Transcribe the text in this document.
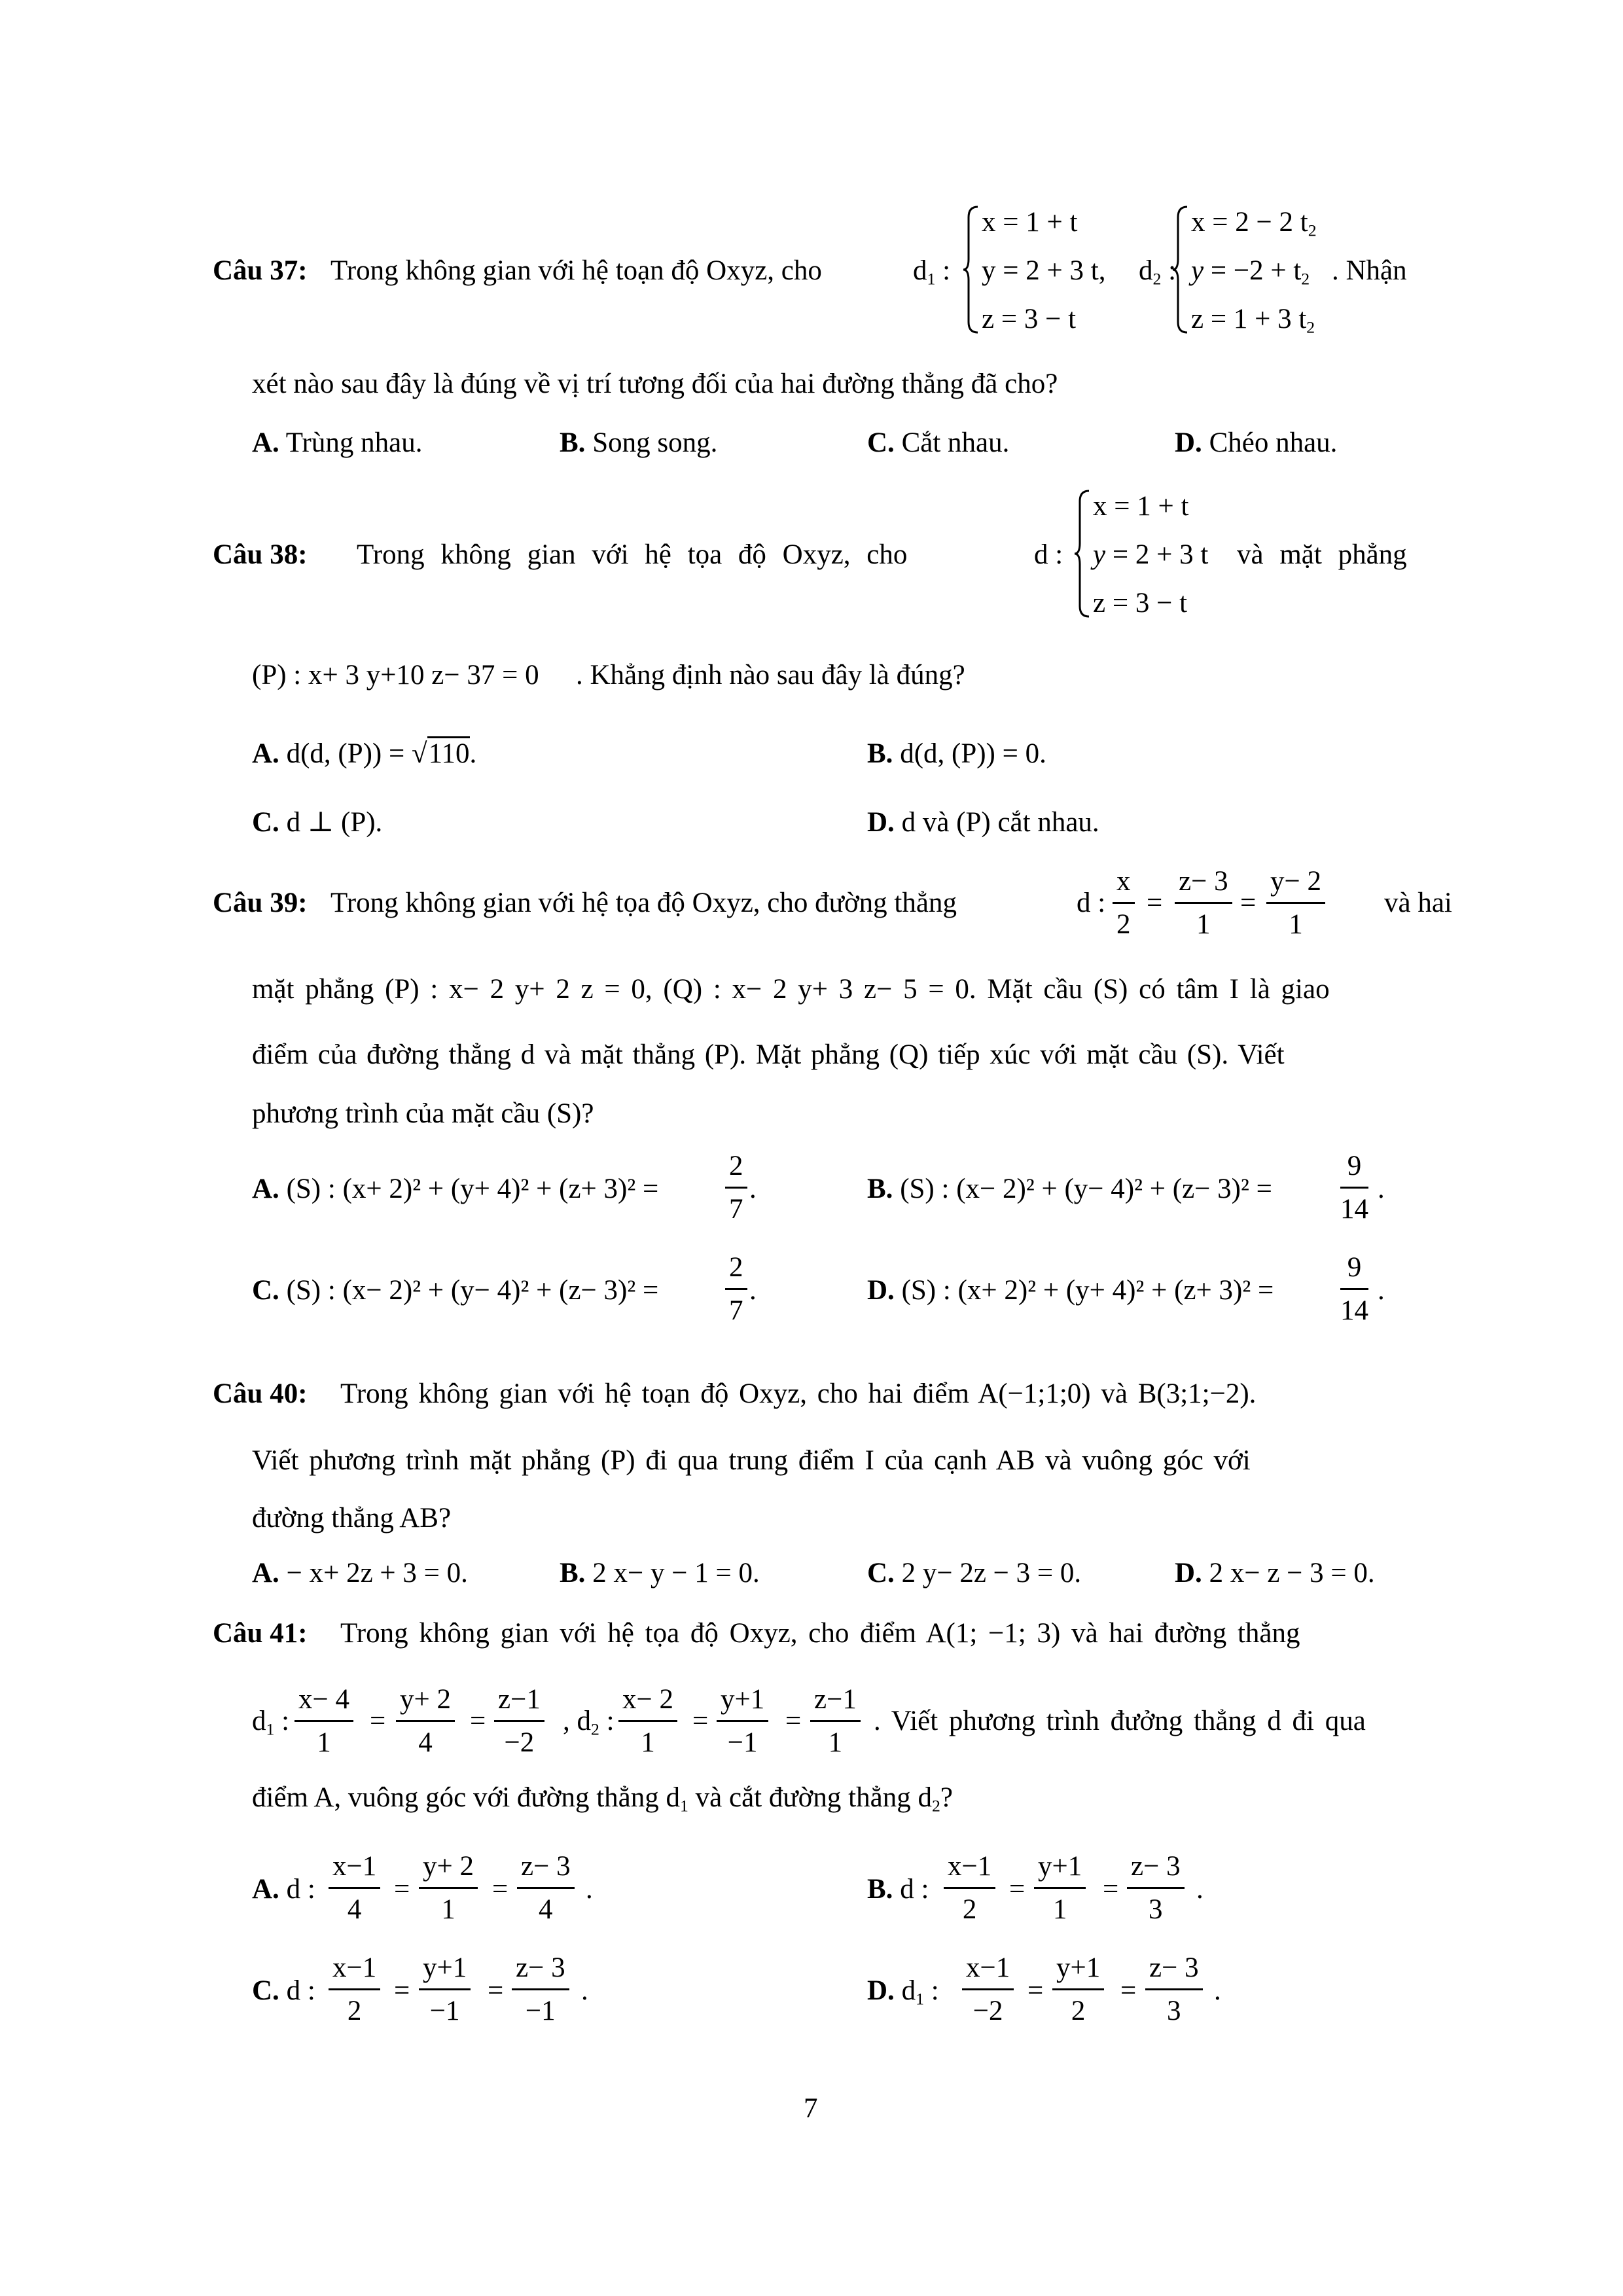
Câu 37: Trong không gian với hệ toạn độ Oxyz, cho	$d_1$ :
x = 1 + t
y = 2 + 3 t,
z = 3 − t
$d_2$ :
x = 2 − 2 $t_2$
$y = -2 + t_2$
z = 1 + 3 $t_2$
. Nhận
xét nào sau đây là đúng về vị trí tương đối của hai đường thẳng đã cho?
A. Trùng nhau.	B. Song song.	C. Cắt nhau.	D. Chéo nhau.
Câu 38: Trong không gian với hệ tọa độ Oxyz, cho	d :
x = 1 + t
y = 2 + 3 t
z = 3 − t
và mặt phẳng
(P) : x+ 3 y+10 z− 37 = 0 . Khẳng định nào sau đây là đúng?
A. d(d, (P)) = √110.	B. d(d, (P)) = 0.
C. d ⊥ (P).	D. d và (P) cắt nhau.
Câu 39: Trong không gian với hệ tọa độ Oxyz, cho đường thẳng	d : $\frac{x}{2} = \frac{z- 3}{1} = \frac{y- 2}{1}$ và hai
mặt phẳng (P) : x− 2 y+ 2 z = 0, (Q) : x− 2 y+ 3 z− 5 = 0. Mặt cầu (S) có tâm I là giao
điểm của đường thẳng d và mặt thẳng (P). Mặt phẳng (Q) tiếp xúc với mặt cầu (S). Viết
phương trình của mặt cầu (S)?
A. (S) : $(x+ 2)^2 + (y+ 4)^2 + (z+ 3)^2 = \frac{2}{7}$ .	B. (S) : $(x- 2)^2 + (y- 4)^2 + (z- 3)^2 = \frac{9}{14}$ .
C. (S) : $(x- 2)^2 + (y- 4)^2 + (z- 3)^2 = \frac{2}{7}$ .	D. (S) : $(x+ 2)^2 + (y+ 4)^2 + (z+ 3)^2 = \frac{9}{14}$ .
Câu 40: Trong không gian với hệ toạn độ Oxyz, cho hai điểm A(−1;1;0) và B(3;1;−2).
Viết phương trình mặt phẳng (P) đi qua trung điểm I của cạnh AB và vuông góc với
đường thẳng AB?
A. − x+ 2z + 3 = 0.	B. 2 x− y − 1 = 0.	C. 2 y− 2z − 3 = 0.	D. 2 x− z − 3 = 0.
Câu 41: Trong không gian với hệ tọa độ Oxyz, cho điểm A(1; −1; 3) và hai đường thẳng
$d_1$ : $\frac{x- 4}{1} = \frac{y+ 2}{4} = \frac{z-1}{-2}$ , $d_2$ : $\frac{x- 2}{1} = \frac{y+1}{-1} = \frac{z-1}{1}$ . Viết phương trình đưởng thẳng d đi qua
điểm A, vuông góc với đường thẳng $d_1$ và cắt đường thẳng $d_2$?
A. d : $\frac{x-1}{4} = \frac{y+ 2}{1} = \frac{z- 3}{4}$ .	B. d : $\frac{x-1}{2} = \frac{y+1}{1} = \frac{z- 3}{3}$ .
C. d : $\frac{x-1}{2} = \frac{y+1}{-1} = \frac{z- 3}{-1}$ .	D. $d_1$ : $\frac{x-1}{-2} = \frac{y+1}{2} = \frac{z- 3}{3}$ .
7
